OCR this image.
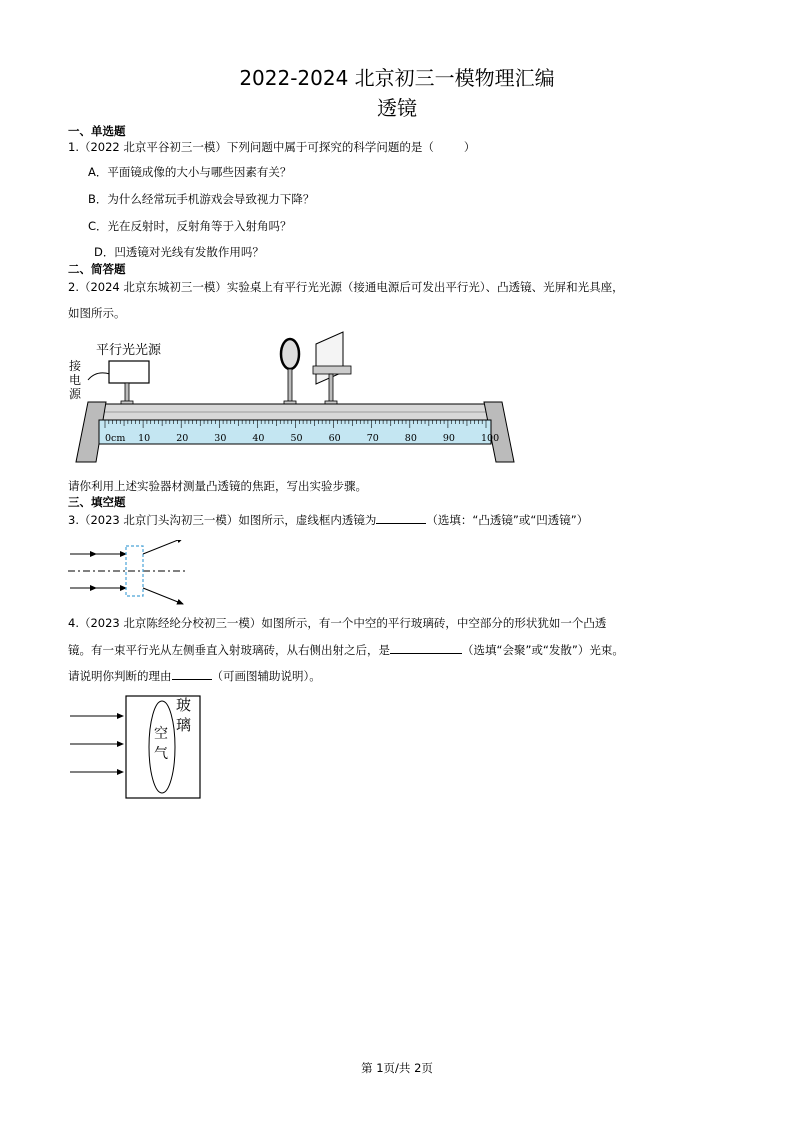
2022-2024 北京初三一模物理汇编
透镜
一、单选题
1.（2022 北京平谷初三一模）下列问题中属于可探究的科学问题的是（	）
A．平面镜成像的大小与哪些因素有关？
B．为什么经常玩手机游戏会导致视力下降？
C．光在反射时，反射角等于入射角吗？
D．凹透镜对光线有发散作用吗？
二、简答题
2.（2024 北京东城初三一模）实验桌上有平行光光源（接通电源后可发出平行光）、凸透镜、光屏和光具座，
如图所示。
平行光光源
接
电
源
0cm 10	20	30	40	50	60	70	80	90	100
请你利用上述实验器材测量凸透镜的焦距，写出实验步骤。
三、填空题
3.（2023 北京门头沟初三一模）如图所示，虚线框内透镜为	（选填：“凸透镜”或“凹透镜”）
4.（2023 北京陈经纶分校初三一模）如图所示，有一个中空的平行玻璃砖，中空部分的形状犹如一个凸透
镜。有一束平行光从左侧垂直入射玻璃砖，从右侧出射之后，是	（选填“会聚”或“发散”）光束。
请说明你判断的理由	（可画图辅助说明）。
玻
璃
空
气
第 1页/共 2页
